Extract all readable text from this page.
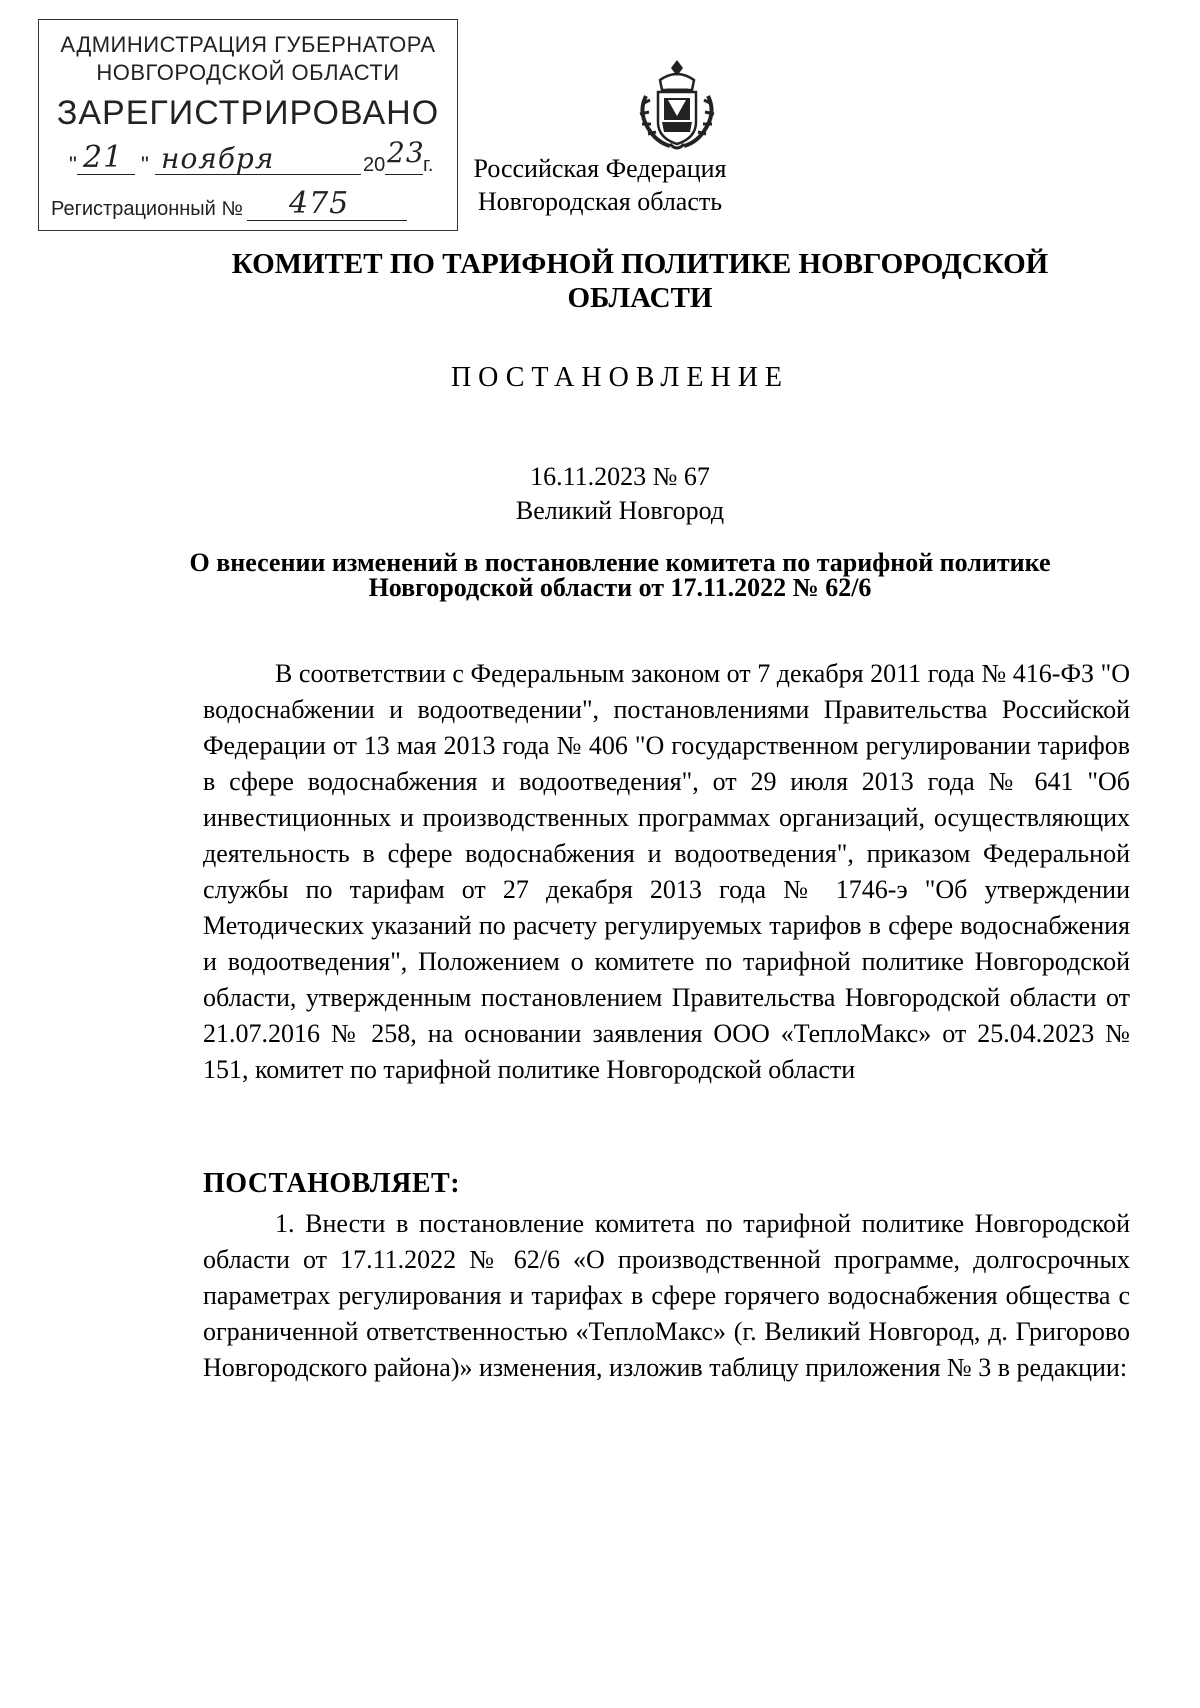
АДМИНИСТРАЦИЯ ГУБЕРНАТОРА
НОВГОРОДСКОЙ ОБЛАСТИ
ЗАРЕГИСТРИРОВАНО
" 21 " ноября	20 23
г.
Регистрационный № 475
Российская Федерация
Новгородская область
КОМИТЕТ ПО ТАРИФНОЙ ПОЛИТИКЕ НОВГОРОДСКОЙ
ОБЛАСТИ
ПОСТАНОВЛЕНИЕ
16.11.2023 № 67
Великий Новгород
О внесении изменений в постановление комитета по тарифной политике
Новгородской области от 17.11.2022 № 62/6

В соответствии с Федеральным законом от 7 декабря 2011 года № 416-ФЗ "О водоснабжении и водоотведении", постановлениями Правительства Российской Федерации от 13 мая 2013 года № 406 "О государственном регулировании тарифов в сфере водоснабжения и водоотведения", от 29 июля 2013 года № 641 "Об инвестиционных и производственных программах организаций, осуществляющих деятельность в сфере водоснабжения и водоотведения", приказом Федеральной службы по тарифам от 27 декабря 2013 года № 1746-э "Об утверждении Методических указаний по расчету регулируемых тарифов в сфере водоснабжения и водоотведения", Положением о комитете по тарифной политике Новгородской области, утвержденным постановлением Правительства Новгородской области от 21.07.2016 № 258, на основании заявления ООО «ТеплоМакс» от 25.04.2023 № 151, комитет по тарифной политике Новгородской области

ПОСТАНОВЛЯЕТ:

1. Внести в постановление комитета по тарифной политике Новгородской области от 17.11.2022 № 62/6 «О производственной программе, долгосрочных параметрах регулирования и тарифах в сфере горячего водоснабжения общества с ограниченной ответственностью «ТеплоМакс» (г. Великий Новгород, д. Григорово Новгородского района)» изменения, изложив таблицу приложения № 3 в редакции:
